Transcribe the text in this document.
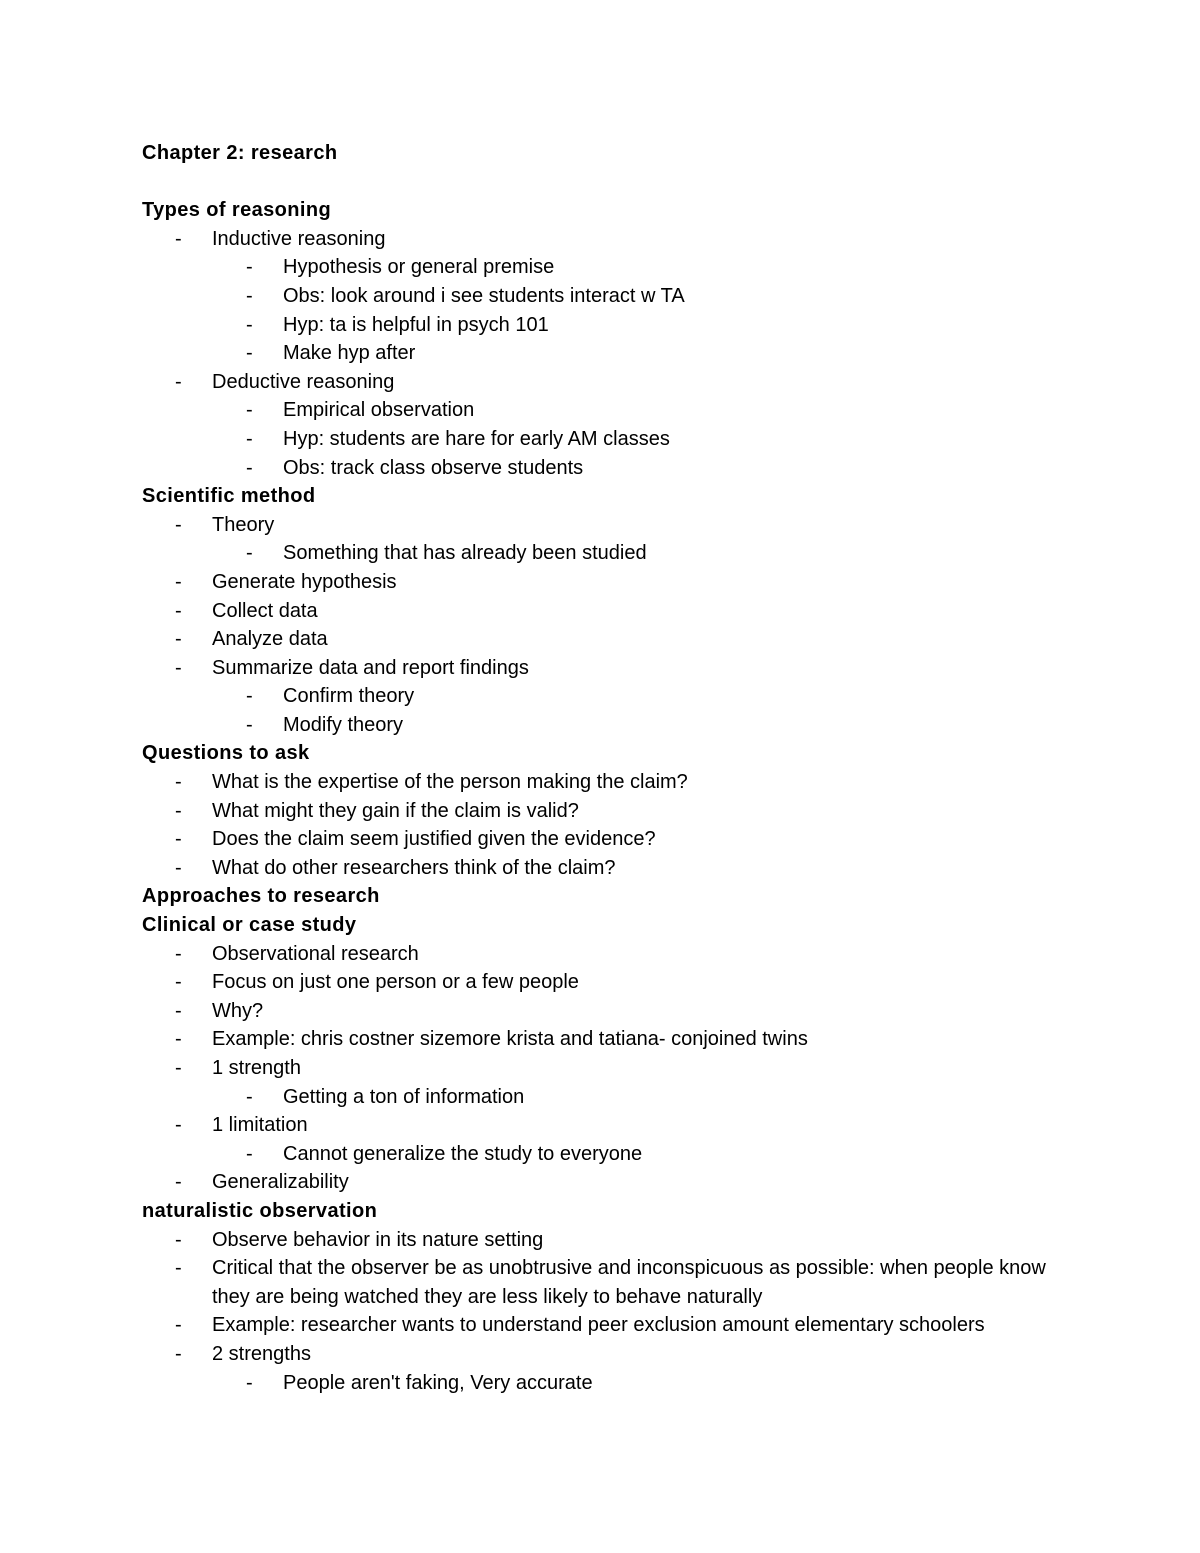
Chapter 2: research
Types of reasoning
-	Inductive reasoning
-	Hypothesis or general premise
-	Obs: look around i see students interact w TA
-	Hyp: ta is helpful in psych 101
-	Make hyp after
-	Deductive reasoning
-	Empirical observation
-	Hyp: students are hare for early AM classes
-	Obs: track class observe students
Scientific method
-	Theory
-	Something that has already been studied
-	Generate hypothesis
-	Collect data
-	Analyze data
-	Summarize data and report findings
-	Confirm theory
-	Modify theory
Questions to ask
-	What is the expertise of the person making the claim?
-	What might they gain if the claim is valid?
-	Does the claim seem justified given the evidence?
-	What do other researchers think of the claim?
Approaches to research
Clinical or case study
-	Observational research
-	Focus on just one person or a few people
-	Why?
-	Example: chris costner sizemore krista and tatiana- conjoined twins
-	1 strength
-	Getting a ton of information
-	1 limitation
-	Cannot generalize the study to everyone
-	Generalizability
naturalistic observation
-	Observe behavior in its nature setting
-	Critical that the observer be as unobtrusive and inconspicuous as possible: when people know they are being watched they are less likely to behave naturally
-	Example: researcher wants to understand peer exclusion amount elementary schoolers
-	2 strengths
-	People aren't faking, Very accurate
